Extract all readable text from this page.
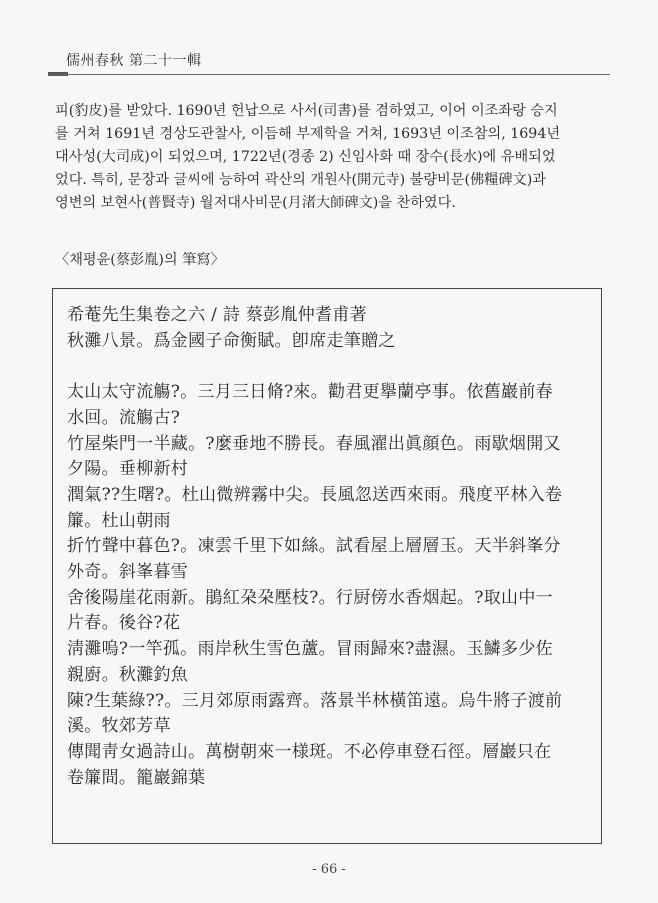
儒州春秋 第二十一輯

피(豹皮)를 받았다. 1690년 헌납으로 사서(司書)를 겸하였고, 이어 이조좌랑 승지

를 거쳐 1691년 경상도관찰사, 이듬해 부제학을 거쳐, 1693년 이조참의, 1694년

대사성(大司成)이 되었으며, 1722년(경종 2) 신임사화 때 장수(長水)에 유배되었

었다. 특히, 문장과 글씨에 능하여 곽산의 개원사(開元寺) 불량비문(佛糧碑文)과

영변의 보현사(普賢寺) 월저대사비문(月渚大師碑文)을 찬하였다.

〈채평윤(蔡彭胤)의 筆寫〉
希菴先生集卷之六 / 詩 蔡彭胤仲耆甫著
秋灘八景。爲金國子命衡賦。卽席走筆贈之
太山太守流觴?。三月三日脩?來。勸君更擧蘭亭事。依舊巖前春
水回。流觴古?
竹屋柴門一半藏。?麼垂地不勝長。春風濯出眞顔色。雨歇烟開又
夕陽。垂柳新村
潤氣??生曙?。杜山微辨霧中尖。長風忽送西來雨。飛度平林入卷
簾。杜山朝雨
折竹聲中暮色?。凍雲千里下如絲。試看屋上層層玉。天半斜峯分
外奇。斜峯暮雪
舍後陽崖花雨新。鵑紅朶朶壓枝?。行厨傍水香烟起。?取山中一
片春。後谷?花
淸灘嗚?一竿孤。雨岸秋生雪色蘆。冒雨歸來?盡濕。玉鱗多少佐
親廚。秋灘釣魚
陳?生葉綠??。三月郊原雨露齊。落景半林橫笛遠。烏牛將子渡前
溪。牧郊芳草
傳聞靑女過詩山。萬樹朝來一様斑。不必停車登石徑。層巖只在
卷簾間。籠巖錦葉
- 66 -
